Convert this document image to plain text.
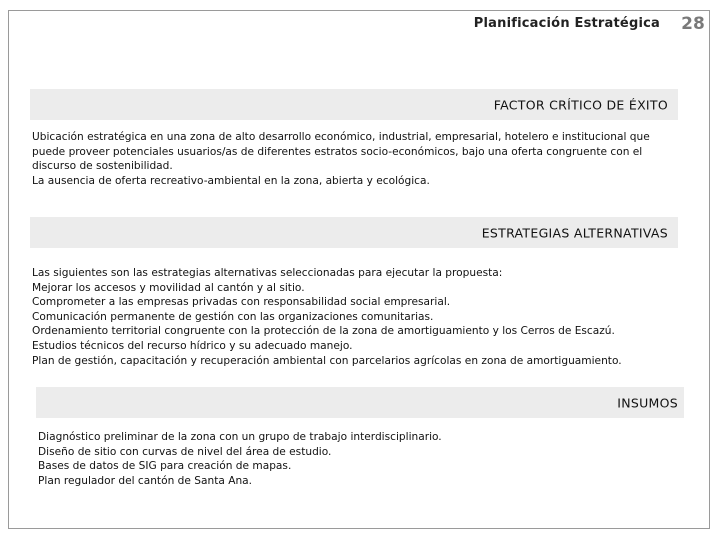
Planificación Estratégica 28
FACTOR CRÍTICO DE ÉXITO

Ubicación estratégica en una zona de alto desarrollo económico, industrial, empresarial, hotelero e institucional que

puede proveer potenciales usuarios/as de diferentes estratos socio-económicos, bajo una oferta congruente con el

discurso de sostenibilidad.

La ausencia de oferta recreativo-ambiental en la zona, abierta y ecológica.

ESTRATEGIAS ALTERNATIVAS

Las siguientes son las estrategias alternativas seleccionadas para ejecutar la propuesta:

Mejorar los accesos y movilidad al cantón y al sitio.

Comprometer a las empresas privadas con responsabilidad social empresarial.

Comunicación permanente de gestión con las organizaciones comunitarias.

Ordenamiento territorial congruente con la protección de la zona de amortiguamiento y los Cerros de Escazú.

Estudios técnicos del recurso hídrico y su adecuado manejo.

Plan de gestión, capacitación y recuperación ambiental con parcelarios agrícolas en zona de amortiguamiento.

INSUMOS

Diagnóstico preliminar de la zona con un grupo de trabajo interdisciplinario.

Diseño de sitio con curvas de nivel del área de estudio.

Bases de datos de SIG para creación de mapas.

Plan regulador del cantón de Santa Ana.
